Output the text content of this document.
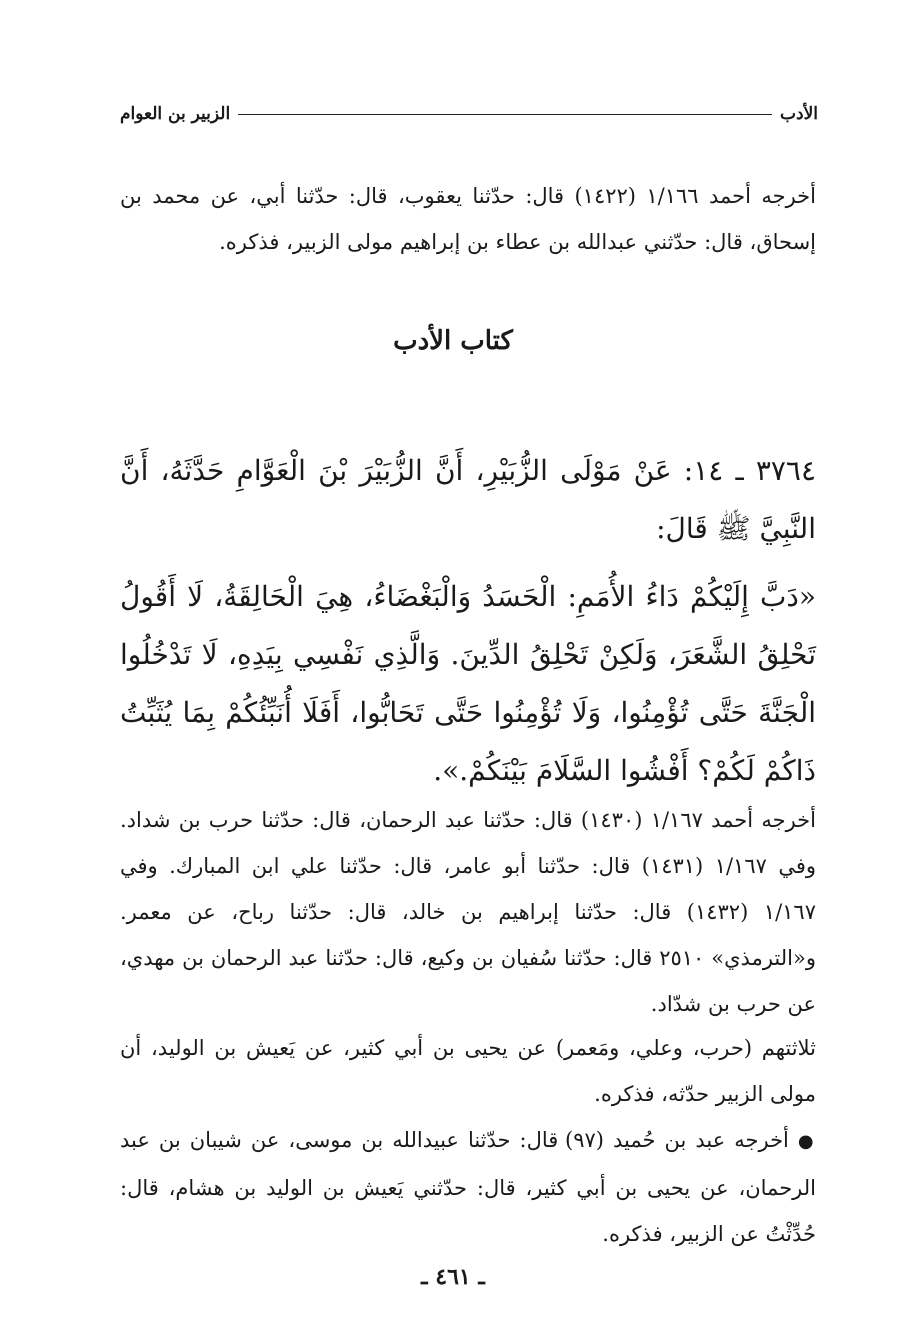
الأدب
الزبير بن العوام

أخرجه أحمد ١/١٦٦ (١٤٢٢) قال: حدّثنا يعقوب، قال: حدّثنا أبي، عن محمد بن إسحاق، قال: حدّثني عبدالله بن عطاء بن إبراهيم مولى الزبير، فذكره.

كتاب الأدب

٣٧٦٤ ـ ١٤: عَنْ مَوْلَى الزُّبَيْرِ، أَنَّ الزُّبَيْرَ بْنَ الْعَوَّامِ حَدَّثَهُ، أَنَّ النَّبِيَّ ﷺ قَالَ:

«دَبَّ إِلَيْكُمْ دَاءُ الأُمَمِ: الْحَسَدُ وَالْبَغْضَاءُ، هِيَ الْحَالِقَةُ، لَا أَقُولُ تَحْلِقُ الشَّعَرَ، وَلَكِنْ تَحْلِقُ الدِّينَ. وَالَّذِي نَفْسِي بِيَدِهِ، لَا تَدْخُلُوا الْجَنَّةَ حَتَّى تُؤْمِنُوا، وَلَا تُؤْمِنُوا حَتَّى تَحَابُّوا، أَفَلَا أُنَبِّئُكُمْ بِمَا يُثَبِّتُ ذَاكُمْ لَكُمْ؟ أَفْشُوا السَّلَامَ بَيْنَكُمْ.».

أخرجه أحمد ١/١٦٧ (١٤٣٠) قال: حدّثنا عبد الرحمان، قال: حدّثنا حرب بن شداد. وفي ١/١٦٧ (١٤٣١) قال: حدّثنا أبو عامر، قال: حدّثنا علي ابن المبارك. وفي ١/١٦٧ (١٤٣٢) قال: حدّثنا إبراهيم بن خالد، قال: حدّثنا رباح، عن معمر. و«الترمذي» ٢٥١٠ قال: حدّثنا سُفيان بن وكيع، قال: حدّثنا عبد الرحمان بن مهدي، عن حرب بن شدّاد.

ثلاثتهم (حرب، وعلي، ومَعمر) عن يحيى بن أبي كثير، عن يَعيش بن الوليد، أن مولى الزبير حدّثه، فذكره.

● أخرجه عبد بن حُميد (٩٧) قال: حدّثنا عبيدالله بن موسى، عن شيبان بن عبد الرحمان، عن يحيى بن أبي كثير، قال: حدّثني يَعيش بن الوليد بن هشام، قال: حُدِّثْتُ عن الزبير، فذكره.

ـ ٤٦١ ـ
